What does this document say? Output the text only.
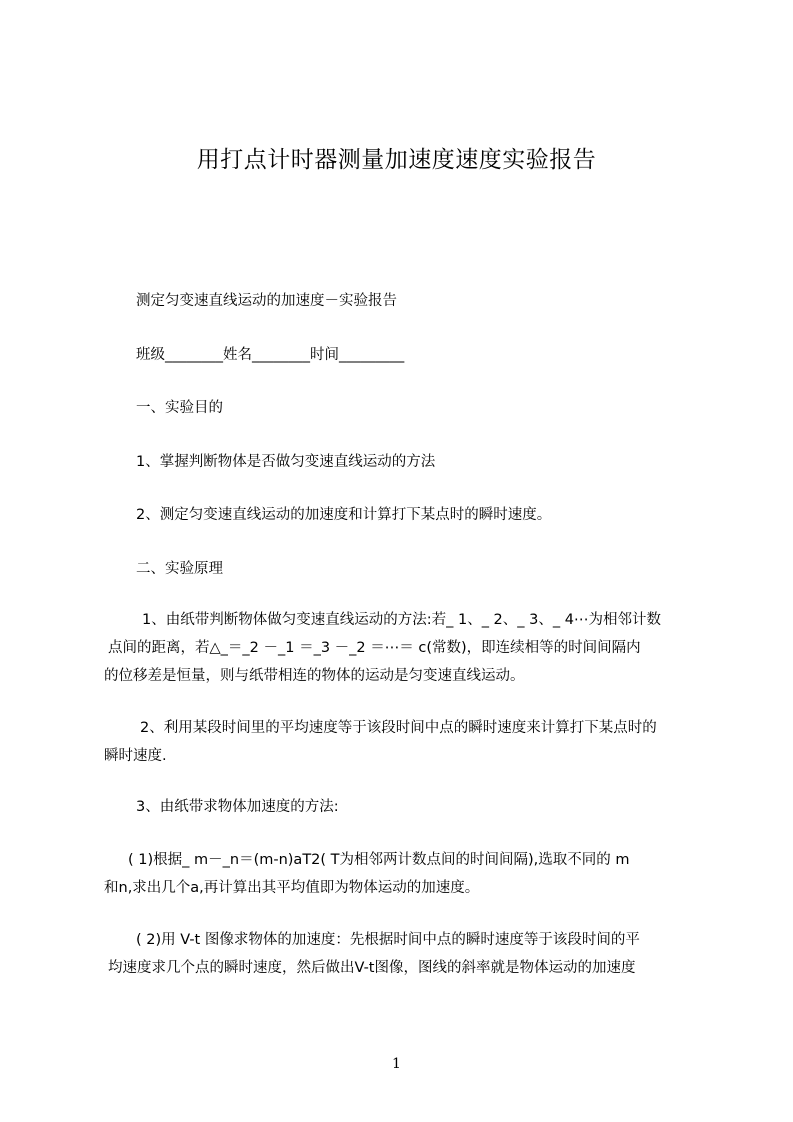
用打点计时器测量加速度速度实验报告
测定匀变速直线运动的加速度－实验报告
班级________姓名________时间_________
一、实验目的
1、掌握判断物体是否做匀变速直线运动的方法
2、测定匀变速直线运动的加速度和计算打下某点时的瞬时速度。
二、实验原理
1、由纸带判断物体做匀变速直线运动的方法:若_ 1、_ 2、_ 3、_ 4⋯为相邻计数
点间的距离，若△_＝_2 －_1 ＝_3 －_2 ＝⋯＝ c(常数)，即连续相等的时间间隔内
的位移差是恒量，则与纸带相连的物体的运动是匀变速直线运动。
2、利用某段时间里的平均速度等于该段时间中点的瞬时速度来计算打下某点时的
瞬时速度.
3、由纸带求物体加速度的方法:
( 1)根据_ m－_n＝(m-n)aT2( T为相邻两计数点间的时间间隔),选取不同的 m
和n,求出几个a,再计算出其平均值即为物体运动的加速度。
( 2)用 V-t 图像求物体的加速度：先根据时间中点的瞬时速度等于该段时间的平
均速度求几个点的瞬时速度，然后做出V-t图像，图线的斜率就是物体运动的加速度
1
